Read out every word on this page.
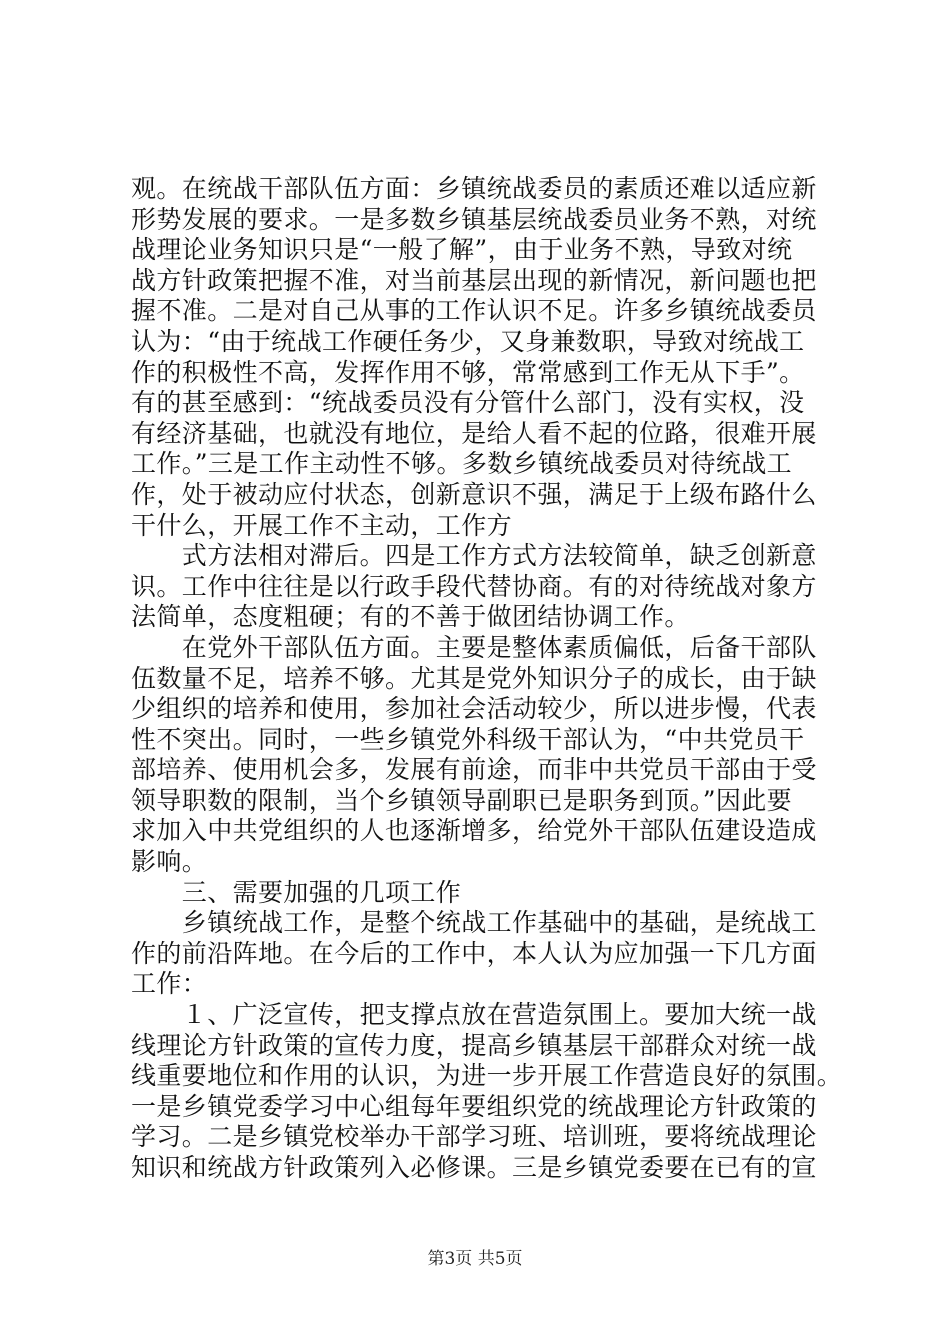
观。在统战干部队伍方面：乡镇统战委员的素质还难以适应新
形势发展的要求。一是多数乡镇基层统战委员业务不熟，对统
战理论业务知识只是“一般了解”，由于业务不熟，导致对统
战方针政策把握不准，对当前基层出现的新情况，新问题也把
握不准。二是对自己从事的工作认识不足。许多乡镇统战委员
认为：“由于统战工作硬任务少，又身兼数职，导致对统战工
作的积极性不高，发挥作用不够，常常感到工作无从下手”。
有的甚至感到：“统战委员没有分管什么部门，没有实权，没
有经济基础，也就没有地位，是给人看不起的位路，很难开展
工作。”三是工作主动性不够。多数乡镇统战委员对待统战工
作，处于被动应付状态，创新意识不强，满足于上级布路什么
干什么，开展工作不主动，工作方
　　式方法相对滞后。四是工作方式方法较简单，缺乏创新意
识。工作中往往是以行政手段代替协商。有的对待统战对象方
法简单，态度粗硬；有的不善于做团结协调工作。
　　在党外干部队伍方面。主要是整体素质偏低，后备干部队
伍数量不足，培养不够。尤其是党外知识分子的成长，由于缺
少组织的培养和使用，参加社会活动较少，所以进步慢，代表
性不突出。同时，一些乡镇党外科级干部认为，“中共党员干
部培养、使用机会多，发展有前途，而非中共党员干部由于受
领导职数的限制，当个乡镇领导副职已是职务到顶。”因此要
求加入中共党组织的人也逐渐增多，给党外干部队伍建设造成
影响。
　　三、需要加强的几项工作
　　乡镇统战工作，是整个统战工作基础中的基础，是统战工
作的前沿阵地。在今后的工作中，本人认为应加强一下几方面
工作：
　　１、广泛宣传，把支撑点放在营造氛围上。要加大统一战
线理论方针政策的宣传力度，提高乡镇基层干部群众对统一战
线重要地位和作用的认识，为进一步开展工作营造良好的氛围。
一是乡镇党委学习中心组每年要组织党的统战理论方针政策的
学习。二是乡镇党校举办干部学习班、培训班，要将统战理论
知识和统战方针政策列入必修课。三是乡镇党委要在已有的宣
第3页 共5页
